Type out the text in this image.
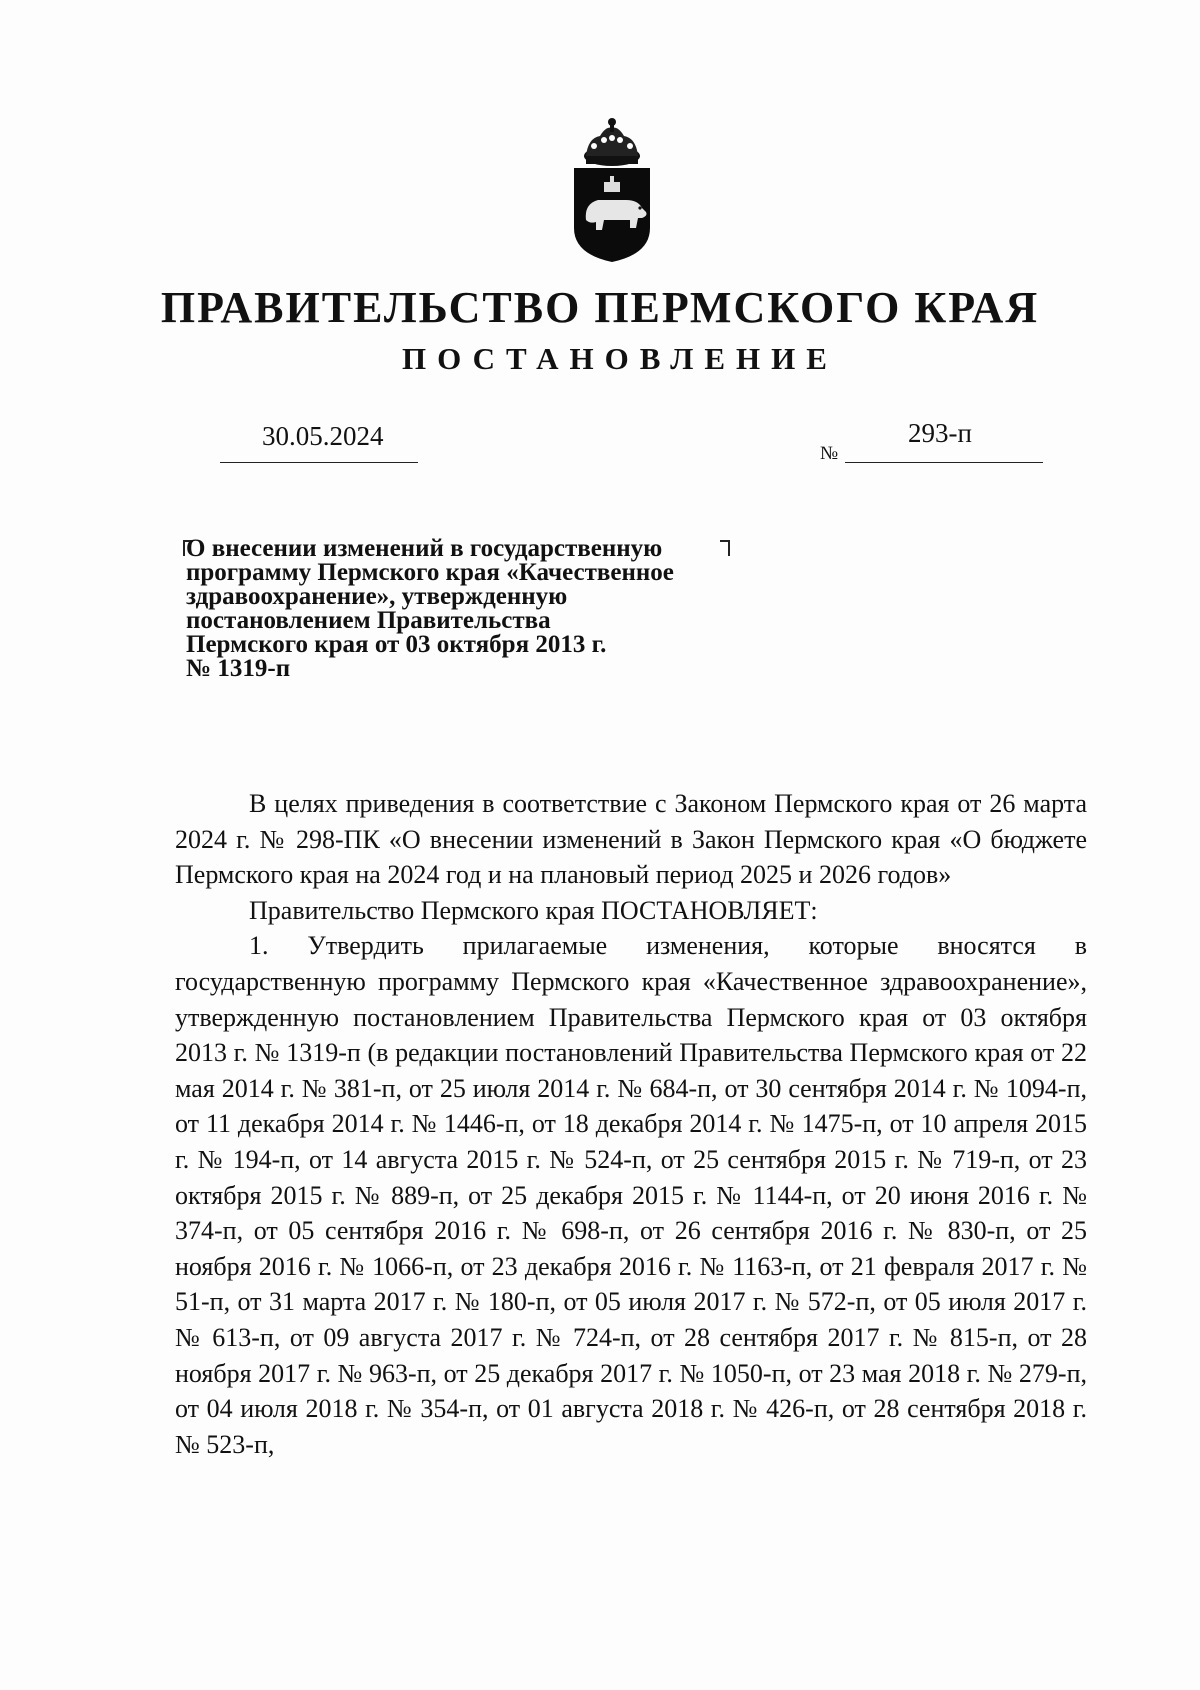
ПРАВИТЕЛЬСТВО ПЕРМСКОГО КРАЯ
ПОСТАНОВЛЕНИЕ
30.05.2024
№
293-п
О внесении изменений в государственную
программу Пермского края «Качественное
здравоохранение», утвержденную
постановлением Правительства
Пермского края от 03 октября 2013 г.
№ 1319-п

В целях приведения в соответствие с Законом Пермского края от 26 марта 2024 г. № 298-ПК «О внесении изменений в Закон Пермского края «О бюджете Пермского края на 2024 год и на плановый период 2025 и 2026 годов»

Правительство Пермского края ПОСТАНОВЛЯЕТ:

1. Утвердить прилагаемые изменения, которые вносятся в государственную программу Пермского края «Качественное здравоохранение», утвержденную постановлением Правительства Пермского края от 03 октября 2013 г. № 1319-п (в редакции постановлений Правительства Пермского края от 22 мая 2014 г. № 381-п, от 25 июля 2014 г. № 684-п, от 30 сентября 2014 г. № 1094-п, от 11 декабря 2014 г. № 1446-п, от 18 декабря 2014 г. № 1475-п, от 10 апреля 2015 г. № 194-п, от 14 августа 2015 г. № 524-п, от 25 сентября 2015 г. № 719-п, от 23 октября 2015 г. № 889-п, от 25 декабря 2015 г. № 1144-п, от 20 июня 2016 г. № 374-п, от 05 сентября 2016 г. № 698-п, от 26 сентября 2016 г. № 830-п, от 25 ноября 2016 г. № 1066-п, от 23 декабря 2016 г. № 1163-п, от 21 февраля 2017 г. № 51-п, от 31 марта 2017 г. № 180-п, от 05 июля 2017 г. № 572-п, от 05 июля 2017 г. № 613-п, от 09 августа 2017 г. № 724-п, от 28 сентября 2017 г. № 815-п, от 28 ноября 2017 г. № 963-п, от 25 декабря 2017 г. № 1050-п, от 23 мая 2018 г. № 279-п, от 04 июля 2018 г. № 354-п, от 01 августа 2018 г. № 426-п, от 28 сентября 2018 г. № 523-п,
